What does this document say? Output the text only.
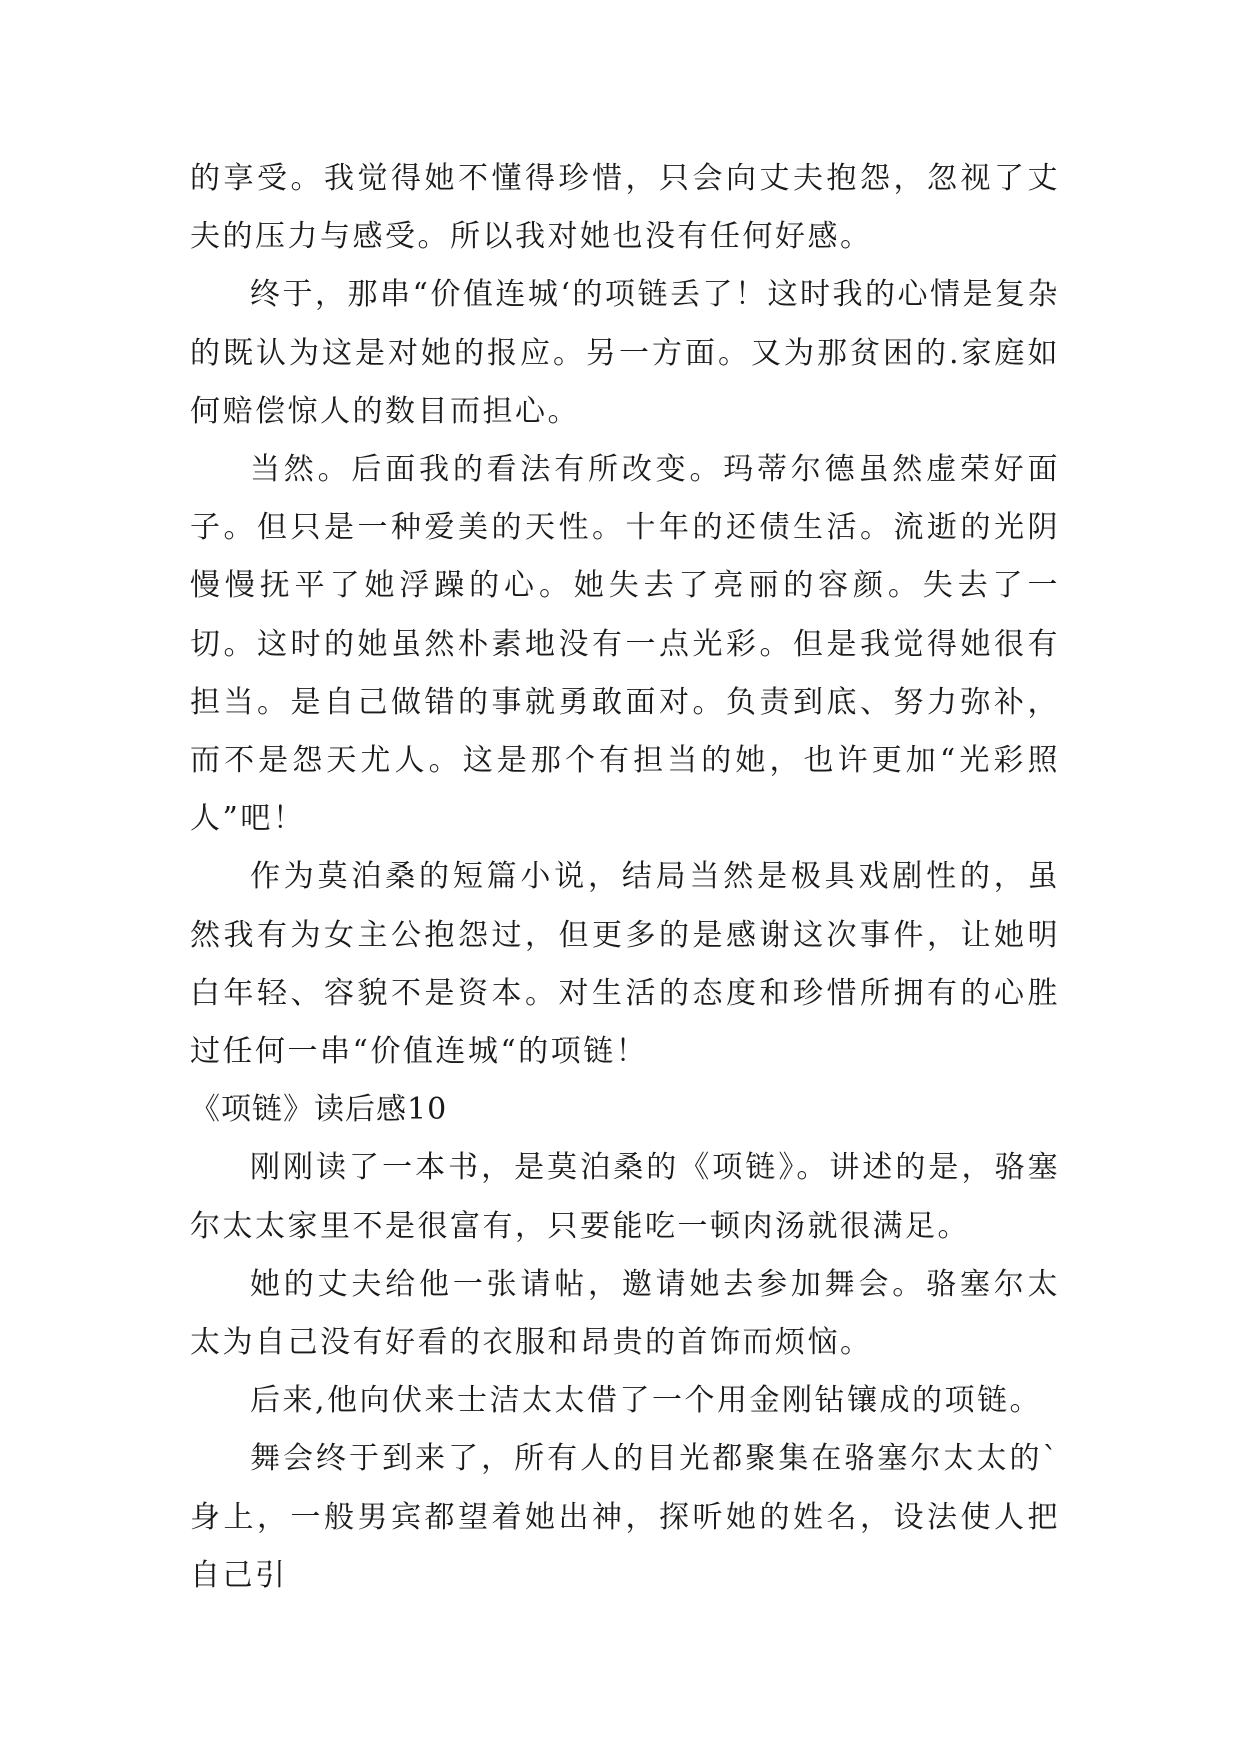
的享受。我觉得她不懂得珍惜，只会向丈夫抱怨，忽视了丈夫的压力与感受。所以我对她也没有任何好感。

终于，那串“价值连城‘的项链丢了！这时我的心情是复杂的既认为这是对她的报应。另一方面。又为那贫困的.家庭如何赔偿惊人的数目而担心。

当然。后面我的看法有所改变。玛蒂尔德虽然虚荣好面子。但只是一种爱美的天性。十年的还债生活。流逝的光阴慢慢抚平了她浮躁的心。她失去了亮丽的容颜。失去了一切。这时的她虽然朴素地没有一点光彩。但是我觉得她很有担当。是自己做错的事就勇敢面对。负责到底、努力弥补，而不是怨天尤人。这是那个有担当的她，也许更加“光彩照人”吧！

作为莫泊桑的短篇小说，结局当然是极具戏剧性的，虽然我有为女主公抱怨过，但更多的是感谢这次事件，让她明白年轻、容貌不是资本。对生活的态度和珍惜所拥有的心胜过任何一串“价值连城“的项链！

《项链》读后感10

刚刚读了一本书，是莫泊桑的《项链》。讲述的是，骆塞尔太太家里不是很富有，只要能吃一顿肉汤就很满足。

她的丈夫给他一张请帖，邀请她去参加舞会。骆塞尔太太为自己没有好看的衣服和昂贵的首饰而烦恼。

后来,他向伏来士洁太太借了一个用金刚钻镶成的项链。

舞会终于到来了，所有人的目光都聚集在骆塞尔太太的`身上，一般男宾都望着她出神，探听她的姓名，设法使人把自己引
